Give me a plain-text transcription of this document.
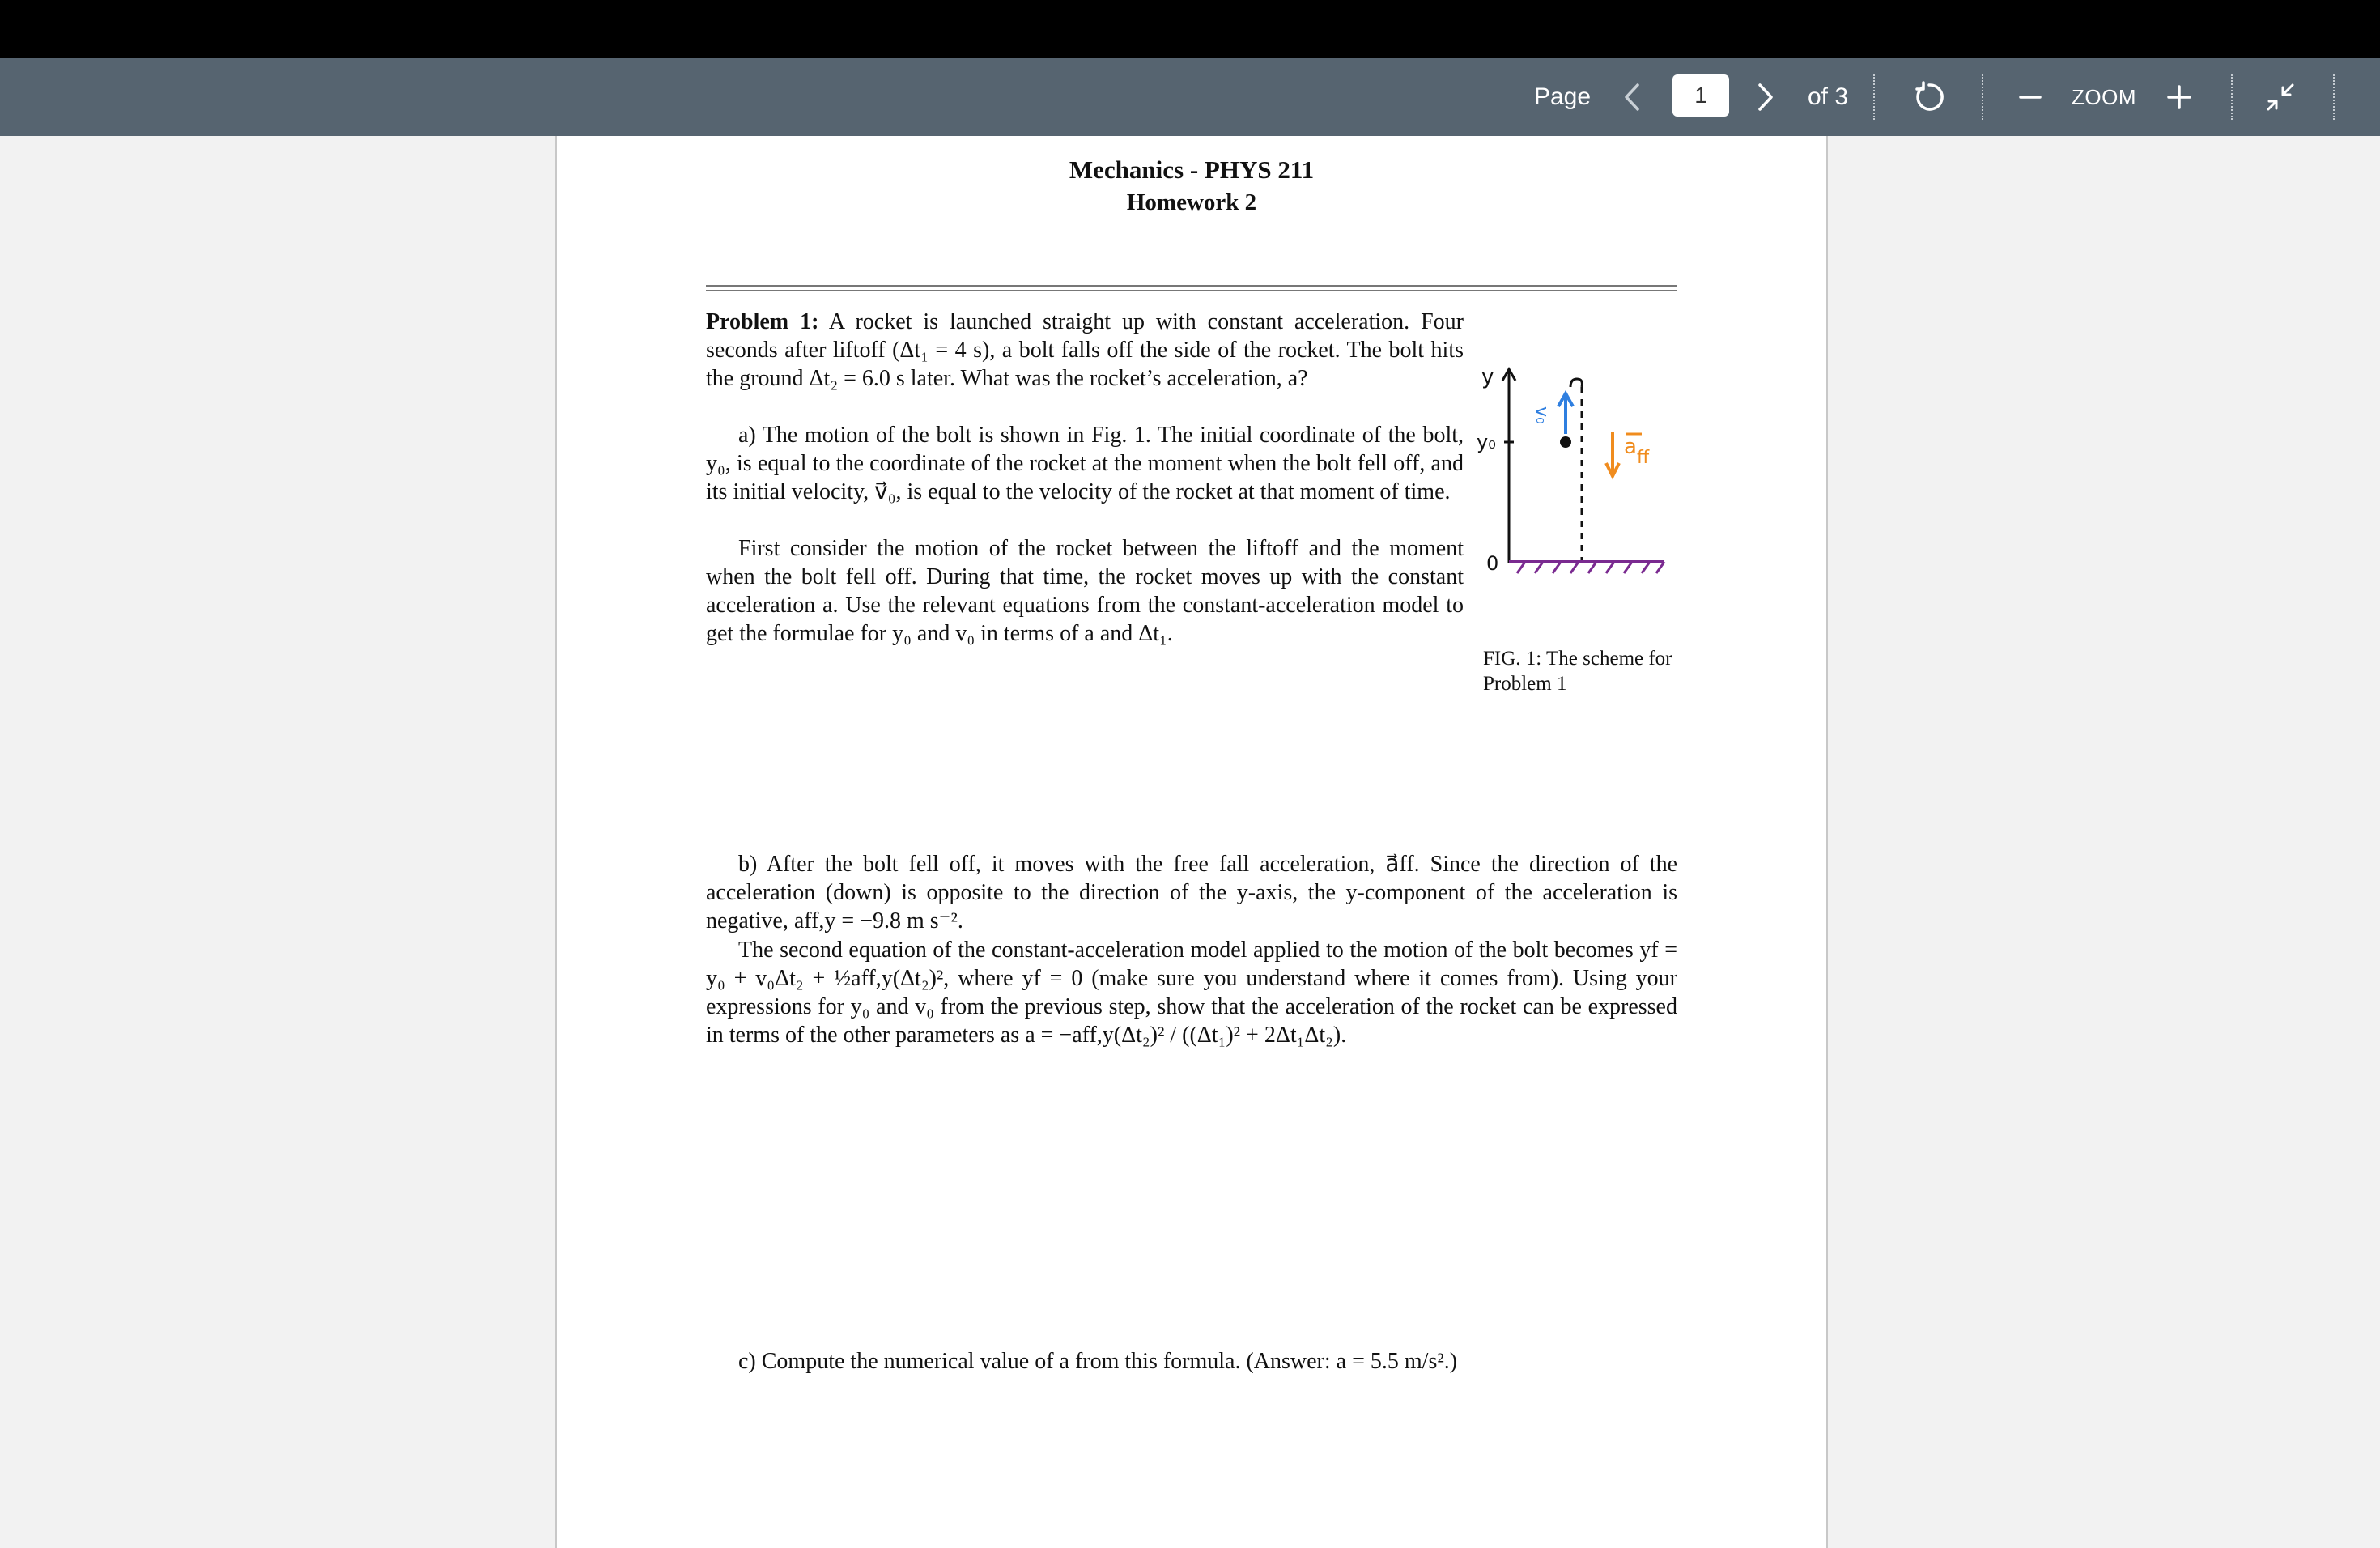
Page
1	of 3	ZOOM
Mechanics - PHYS 211
Homework 2

Problem 1: A rocket is launched straight up with constant acceleration. Four seconds after liftoff (Δt₁ = 4 s), a bolt falls off the side of the rocket. The bolt hits the ground Δt₂ = 6.0 s later. What was the rocket’s acceleration, a?

a) The motion of the bolt is shown in Fig. 1. The initial coordinate of the bolt, y₀, is equal to the coordinate of the rocket at the moment when the bolt fell off, and its initial velocity, v⃗₀, is equal to the velocity of the rocket at that moment of time.

First consider the motion of the rocket between the liftoff and the moment when the bolt fell off. During that time, the rocket moves up with the constant acceleration a. Use the relevant equations from the constant-acceleration model to get the formulae for y₀ and v₀ in terms of a and Δt₁.

y
y₀
0
v₀
a ff

FIG. 1: The scheme for Problem 1

b) After the bolt fell off, it moves with the free fall acceleration, a⃗ff. Since the direction of the acceleration (down) is opposite to the direction of the y-axis, the y-component of the acceleration is negative, aff,y = −9.8 m s⁻².

The second equation of the constant-acceleration model applied to the motion of the bolt becomes yf = y₀ + v₀Δt₂ + ½aff,y(Δt₂)², where yf = 0 (make sure you understand where it comes from). Using your expressions for y₀ and v₀ from the previous step, show that the acceleration of the rocket can be expressed in terms of the other parameters as a = −aff,y(Δt₂)² / ((Δt₁)² + 2Δt₁Δt₂).

c) Compute the numerical value of a from this formula. (Answer: a = 5.5 m/s².)
